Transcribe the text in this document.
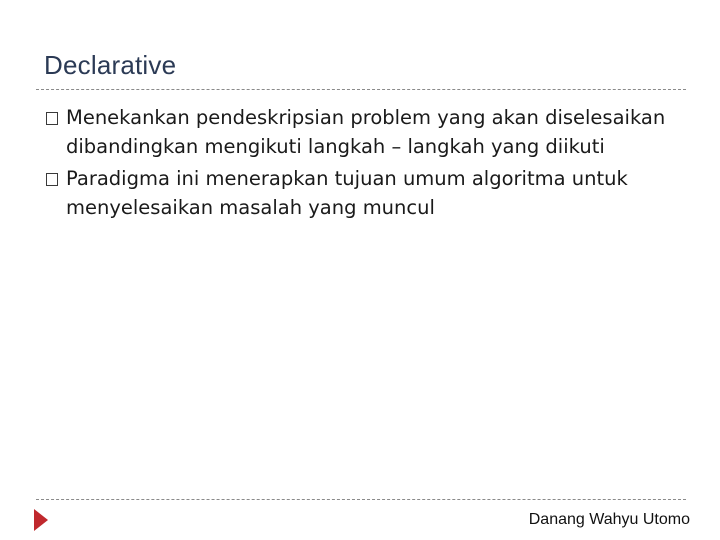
Declarative
Menekankan pendeskripsian problem yang akan diselesaikan dibandingkan mengikuti langkah – langkah yang diikuti
Paradigma ini menerapkan tujuan umum algoritma untuk menyelesaikan masalah yang muncul
Danang Wahyu Utomo
